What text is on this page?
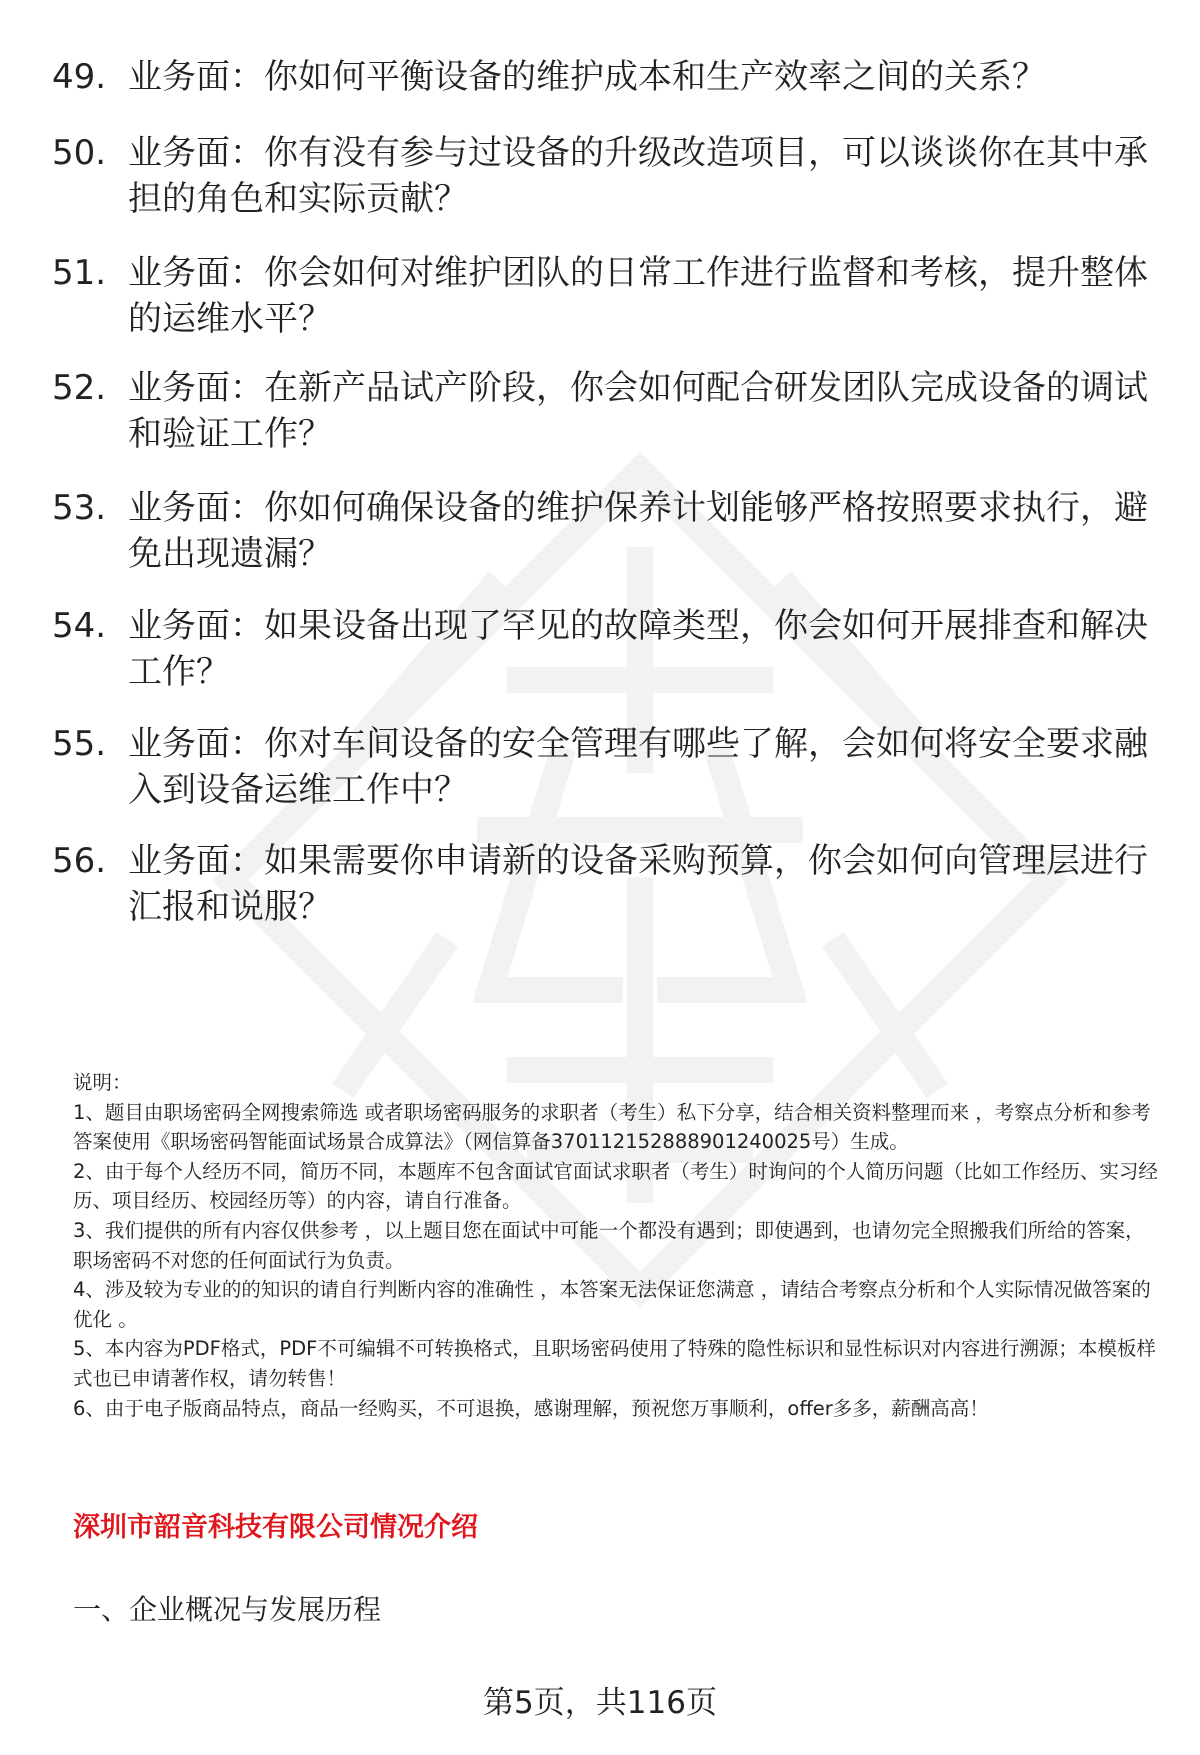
49. 业务面：你如何平衡设备的维护成本和生产效率之间的关系？
50. 业务面：你有没有参与过设备的升级改造项目，可以谈谈你在其中承担的角色和实际贡献？
51. 业务面：你会如何对维护团队的日常工作进行监督和考核，提升整体的运维水平？
52. 业务面：在新产品试产阶段，你会如何配合研发团队完成设备的调试和验证工作？
53. 业务面：你如何确保设备的维护保养计划能够严格按照要求执行，避免出现遗漏？
54. 业务面：如果设备出现了罕见的故障类型，你会如何开展排查和解决工作？
55. 业务面：你对车间设备的安全管理有哪些了解，会如何将安全要求融入到设备运维工作中？
56. 业务面：如果需要你申请新的设备采购预算，你会如何向管理层进行汇报和说服？

说明：

1、题目由职场密码全网搜索筛选 或者职场密码服务的求职者（考生）私下分享，结合相关资料整理而来 ，考察点分析和参考答案使用《职场密码智能面试场景合成算法》（网信算备370112152888901240025号）生成。

2、由于每个人经历不同，简历不同，本题库不包含面试官面试求职者（考生）时询问的个人简历问题（比如工作经历、实习经历、项目经历、校园经历等）的内容，请自行准备。

3、我们提供的所有内容仅供参考 ，以上题目您在面试中可能一个都没有遇到；即使遇到，也请勿完全照搬我们所给的答案，职场密码不对您的任何面试行为负责。

4、涉及较为专业的的知识的请自行判断内容的准确性 ，本答案无法保证您满意 ，请结合考察点分析和个人实际情况做答案的优化 。

5、本内容为PDF格式，PDF不可编辑不可转换格式，且职场密码使用了特殊的隐性标识和显性标识对内容进行溯源；本模板样式也已申请著作权，请勿转售！

6、由于电子版商品特点，商品一经购买，不可退换，感谢理解，预祝您万事顺利，offer多多，薪酬高高！

深圳市韶音科技有限公司情况介绍
一、企业概况与发展历程
第5页，共116页
